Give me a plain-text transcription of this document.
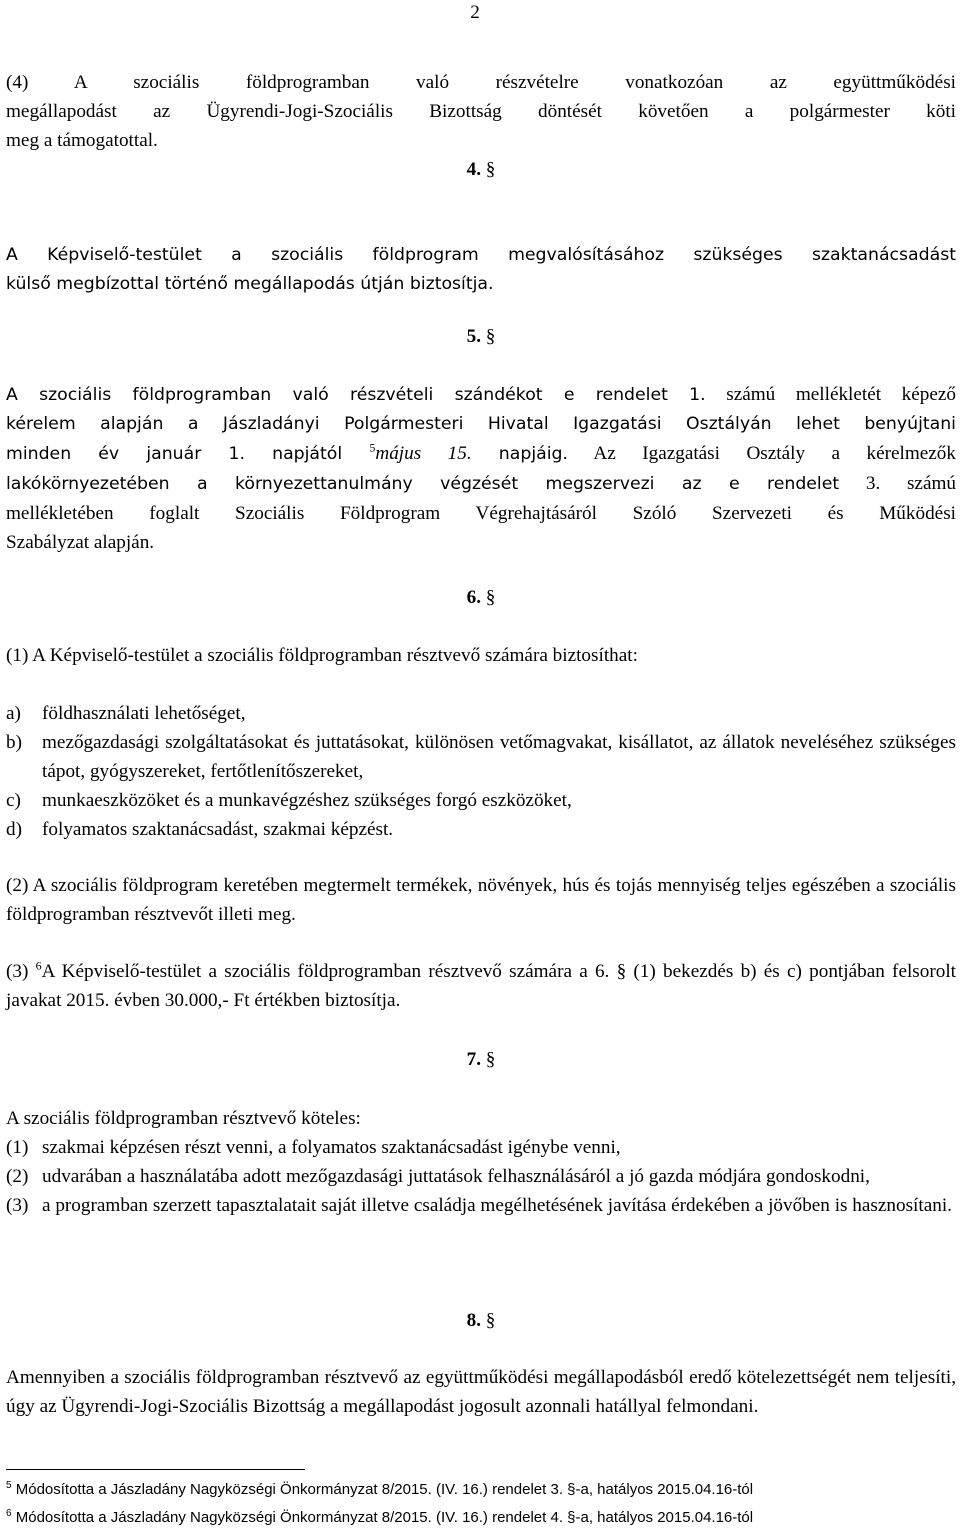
2

(4) A szociális földprogramban való részvételre vonatkozóan az együttműködési

megállapodást az Ügyrendi-Jogi-Szociális Bizottság döntését követően a polgármester köti

meg a támogatottal.

4. §

A Képviselő-testület a szociális földprogram megvalósításához szükséges szaktanácsadást

külső megbízottal történő megállapodás útján biztosítja.

5. §

A szociális földprogramban való részvételi szándékot e rendelet 1. számú mellékletét képező

kérelem alapján a Jászladányi Polgármesteri Hivatal Igazgatási Osztályán lehet benyújtani

minden év január 1. napjától $^5$május 15. napjáig. Az Igazgatási Osztály a kérelmezők

lakókörnyezetében a környezettanulmány végzését megszervezi az e rendelet 3. számú

mellékletében foglalt Szociális Földprogram Végrehajtásáról Szóló Szervezeti és Működési

Szabályzat alapján.

6. §

(1) A Képviselő-testület a szociális földprogramban résztvevő számára biztosíthat:

a)	földhasználati lehetőséget,
b)	mezőgazdasági szolgáltatásokat és juttatásokat, különösen vetőmagvakat, kisállatot, az állatok neveléséhez szükséges tápot, gyógyszereket, fertőtlenítőszereket,
c)	munkaeszközöket és a munkavégzéshez szükséges forgó eszközöket,
d)	folyamatos szaktanácsadást, szakmai képzést.

(2) A szociális földprogram keretében megtermelt termékek, növények, hús és tojás mennyiség teljes egészében a szociális földprogramban résztvevőt illeti meg.

(3) $^6$A Képviselő-testület a szociális földprogramban résztvevő számára a 6. § (1) bekezdés b) és c) pontjában felsorolt javakat 2015. évben 30.000,- Ft értékben biztosítja.

7. §

A szociális földprogramban résztvevő köteles:

(1) szakmai képzésen részt venni, a folyamatos szaktanácsadást igénybe venni,
(2) udvarában a használatába adott mezőgazdasági juttatások felhasználásáról a jó gazda módjára gondoskodni,
(3) a programban szerzett tapasztalatait saját illetve családja megélhetésének javítása érdekében a jövőben is hasznosítani.

8. §

Amennyiben a szociális földprogramban résztvevő az együttműködési megállapodásból eredő kötelezettségét nem teljesíti, úgy az Ügyrendi-Jogi-Szociális Bizottság a megállapodást jogosult azonnali hatállyal felmondani.

$^5$ Módosította a Jászladány Nagyközségi Önkormányzat 8/2015. (IV. 16.) rendelet 3. §-a, hatályos 2015.04.16-tól
$^6$ Módosította a Jászladány Nagyközségi Önkormányzat 8/2015. (IV. 16.) rendelet 4. §-a, hatályos 2015.04.16-tól
